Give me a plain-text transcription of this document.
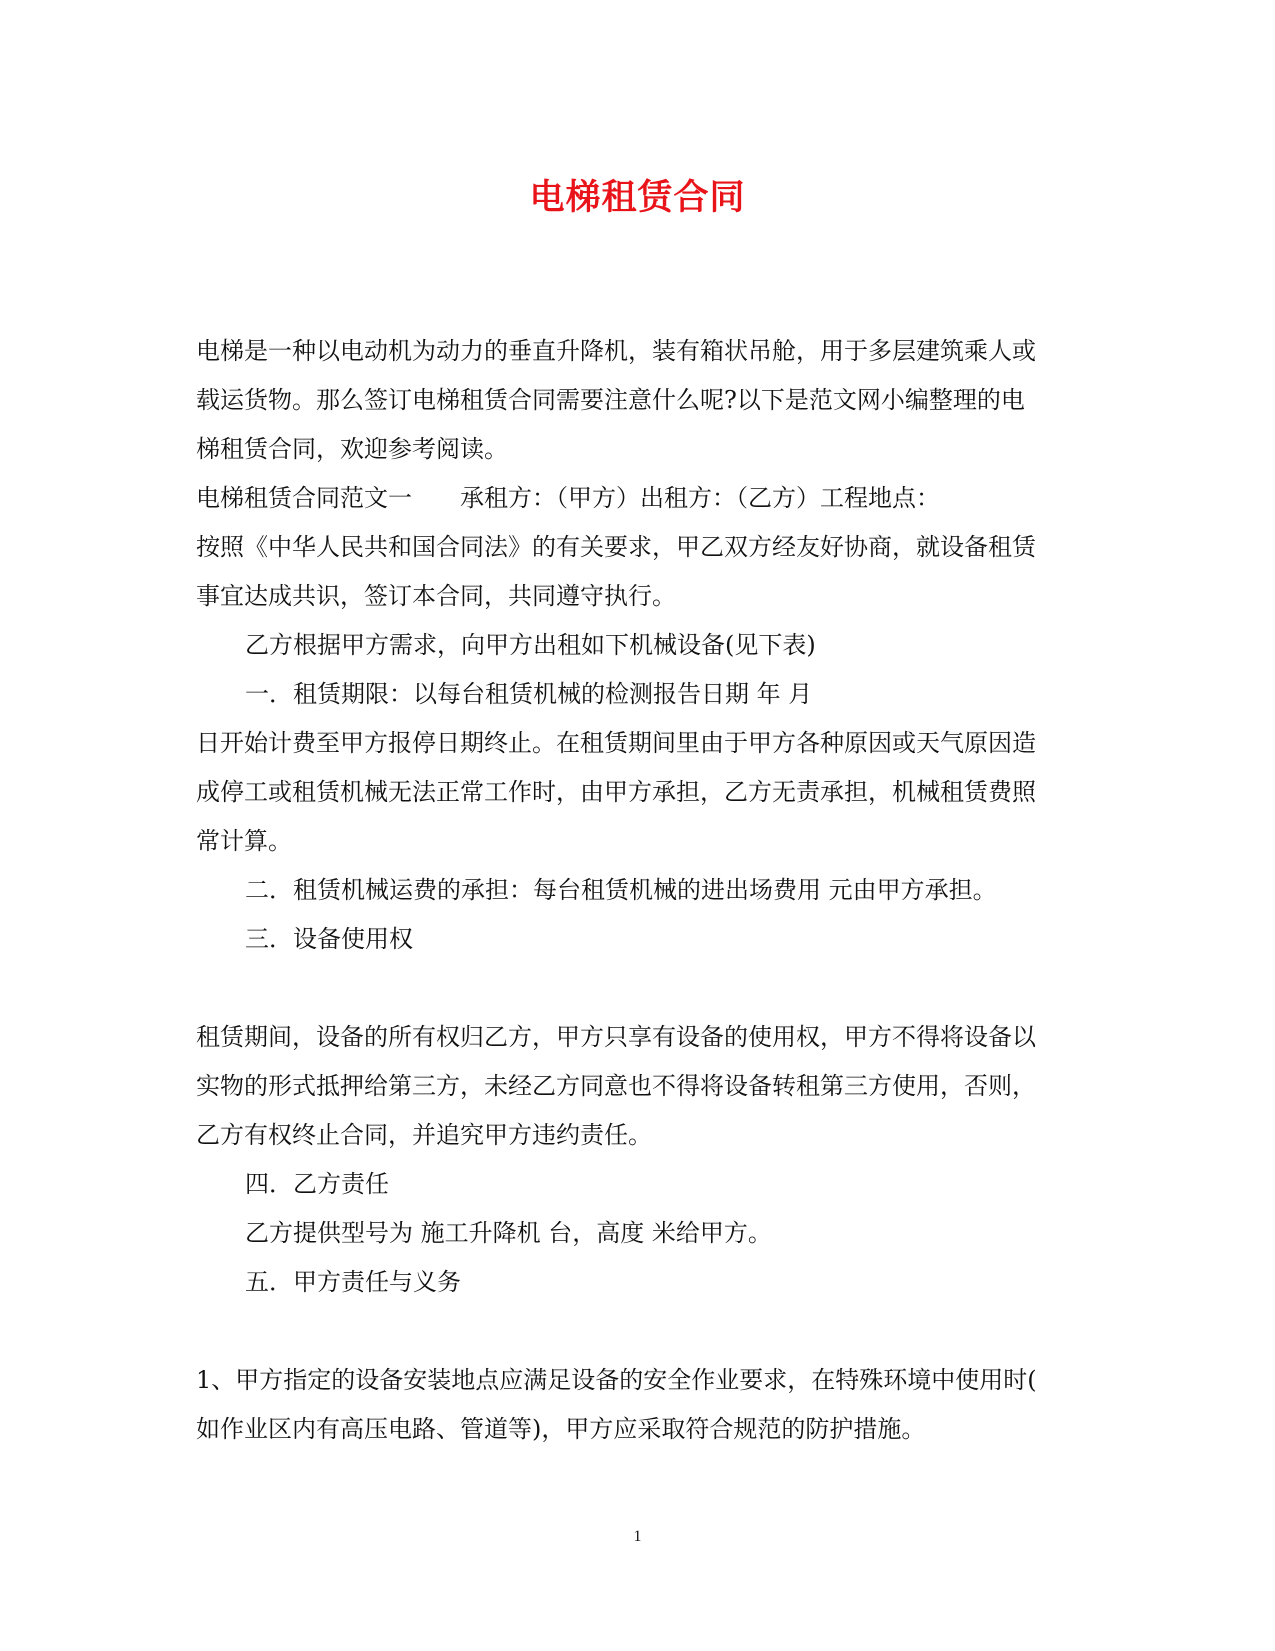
电梯租赁合同
电梯是一种以电动机为动力的垂直升降机，装有箱状吊舱，用于多层建筑乘人或
载运货物。那么签订电梯租赁合同需要注意什么呢?以下是范文网小编整理的电
梯租赁合同，欢迎参考阅读。
电梯租赁合同范文一　　承租方：（甲方）出租方：（乙方）工程地点：
按照《中华人民共和国合同法》的有关要求，甲乙双方经友好协商，就设备租赁
事宜达成共识，签订本合同，共同遵守执行。
乙方根据甲方需求，向甲方出租如下机械设备(见下表)
一．租赁期限：以每台租赁机械的检测报告日期 年 月
日开始计费至甲方报停日期终止。在租赁期间里由于甲方各种原因或天气原因造
成停工或租赁机械无法正常工作时，由甲方承担，乙方无责承担，机械租赁费照
常计算。
二．租赁机械运费的承担：每台租赁机械的进出场费用 元由甲方承担。
三．设备使用权
租赁期间，设备的所有权归乙方，甲方只享有设备的使用权，甲方不得将设备以
实物的形式抵押给第三方，未经乙方同意也不得将设备转租第三方使用，否则，
乙方有权终止合同，并追究甲方违约责任。
四．乙方责任
乙方提供型号为 施工升降机 台，高度 米给甲方。
五．甲方责任与义务
1、甲方指定的设备安装地点应满足设备的安全作业要求，在特殊环境中使用时(
如作业区内有高压电路、管道等)，甲方应采取符合规范的防护措施。
1
